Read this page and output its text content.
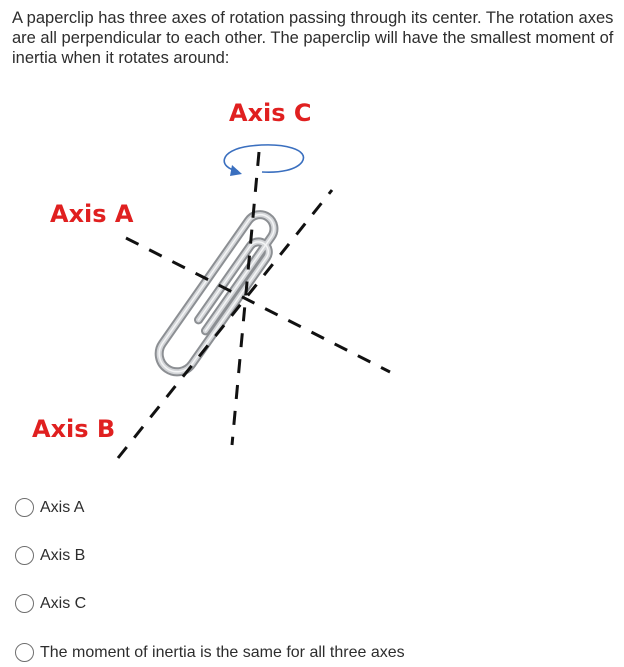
A paperclip has three axes of rotation passing through its center. The rotation axes are all perpendicular to each other. The paperclip will have the smallest moment of inertia when it rotates around:

Axis C
Axis A
Axis B
Axis A
Axis B
Axis C
The moment of inertia is the same for all three axes
